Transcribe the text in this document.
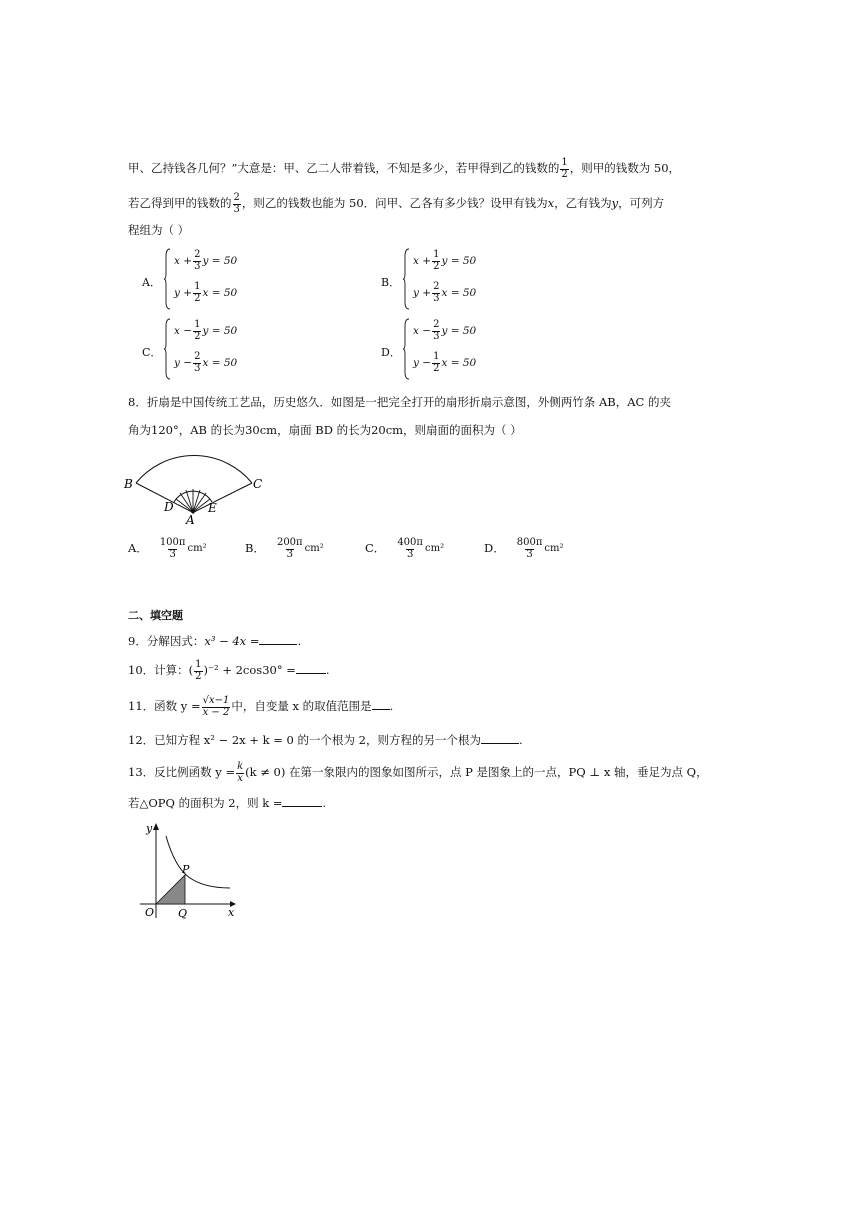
甲、乙持钱各几何？”大意是：甲、乙二人带着钱，不知是多少，若甲得到乙的钱数的 $\frac{1}{2}$ ，则甲的钱数为 50，
若乙得到甲的钱数的 $\frac{2}{3}$ ，则乙的钱数也能为 50．问甲、乙各有多少钱？设甲有钱为x，乙有钱为y，可列方
程组为（ ）
A．
$x + \frac{2}{3}$ y = 50
$y + \frac{1}{2}$ x = 50
B．
$x + \frac{1}{2}$ y = 50
$y + \frac{2}{3}$ x = 50
C．
$x - \frac{1}{2}$ y = 50
$y - \frac{2}{3}$ x = 50
D．
$x - \frac{2}{3}$ y = 50
$y - \frac{1}{2}$ x = 50
8．折扇是中国传统工艺品，历史悠久．如图是一把完全打开的扇形折扇示意图，外侧两竹条 AB，AC 的夹
角为120°，AB 的长为30cm，扇面 BD 的长为20cm，则扇面的面积为（ ）
B	C
D	E
A
A． $\frac{100\pi}{3} cm^2$	B． $\frac{200\pi}{3} cm^2$	C． $\frac{400\pi}{3} cm^2$	D． $\frac{800\pi}{3} cm^2$
二、填空题
9．分解因式：x³ − 4x =	.
10．计算：( $\frac{1}{2} )^{-2} + 2\cos 30^\circ$ =	.
11．函数 $y = \frac{√x-1}{x - 2}$ 中，自变量 x 的取值范围是 .
12．已知方程 x² − 2x + k = 0 的一个根为 2，则方程的另一个根为	.
13．反比例函数 $y = \frac{k}{x} (k \ne 0)$ 在第一象限内的图象如图所示，点 P 是图象上的一点，PQ ⊥ x 轴，垂足为点 Q，
若△OPQ 的面积为 2，则 k =	.
y
x
O
P
Q
